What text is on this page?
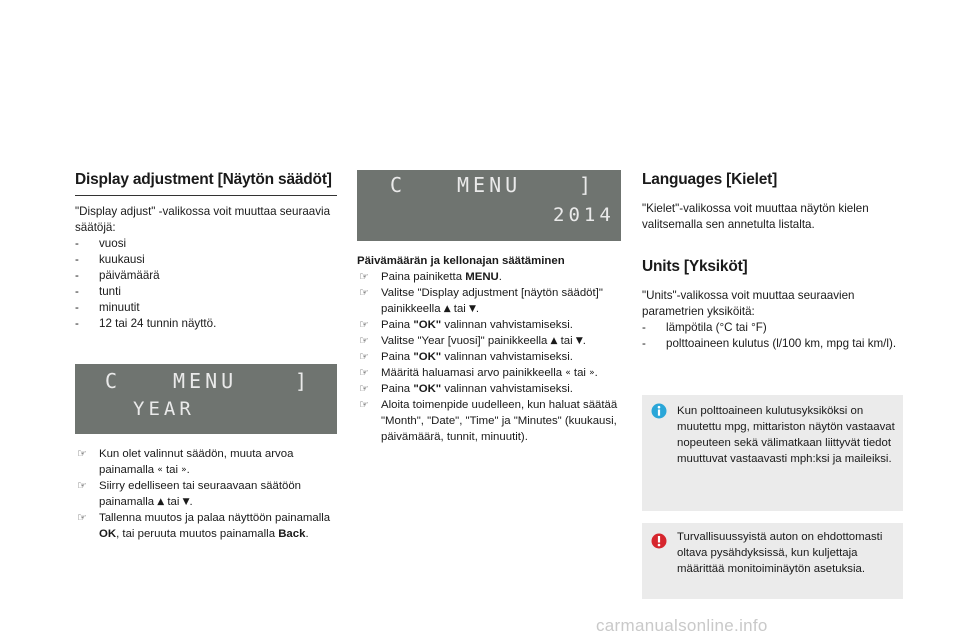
Display adjustment [Näytön säädöt]

"Display adjust" -valikossa voit muuttaa seuraavia säätöjä:

- vuosi
- kuukausi
- päivämäärä
- tunti
- minuutit
- 12 tai 24 tunnin näyttö.
C	MENU	]
YEAR
☞ Kun olet valinnut säädön, muuta arvoa painamalla « tai ».
☞ Siirry edelliseen tai seuraavaan säätöön painamalla ▲ tai ▼.
☞ Tallenna muutos ja palaa näyttöön painamalla OK, tai peruuta muutos painamalla Back.
C	MENU	]
2014
Päivämäärän ja kellonajan säätäminen
☞ Paina painiketta MENU.
☞ Valitse "Display adjustment [näytön säädöt]" painikkeella ▲ tai ▼.
☞ Paina "OK" valinnan vahvistamiseksi.
☞ Valitse "Year [vuosi]" painikkeella ▲ tai ▼.
☞ Paina "OK" valinnan vahvistamiseksi.
☞ Määritä haluamasi arvo painikkeella « tai ».
☞ Paina "OK" valinnan vahvistamiseksi.
☞ Aloita toimenpide uudelleen, kun haluat säätää "Month", "Date", "Time" ja "Minutes" (kuukausi, päivämäärä, tunnit, minuutit).
Languages [Kielet]

"Kielet"-valikossa voit muuttaa näytön kielen valitsemalla sen annetulta listalta.

Units [Yksiköt]

"Units"-valikossa voit muuttaa seuraavien parametrien yksiköitä:

- lämpötila (°C tai °F)
- polttoaineen kulutus (l/100 km, mpg tai km/l).

Kun polttoaineen kulutusyksiköksi on muutettu mpg, mittariston näytön vastaavat nopeuteen sekä välimatkaan liittyvät tiedot muuttuvat vastaavasti mph:ksi ja maileiksi.

Turvallisuussyistä auton on ehdottomasti oltava pysähdyksissä, kun kuljettaja määrittää monitoiminäytön asetuksia.

carmanualsonline.info
